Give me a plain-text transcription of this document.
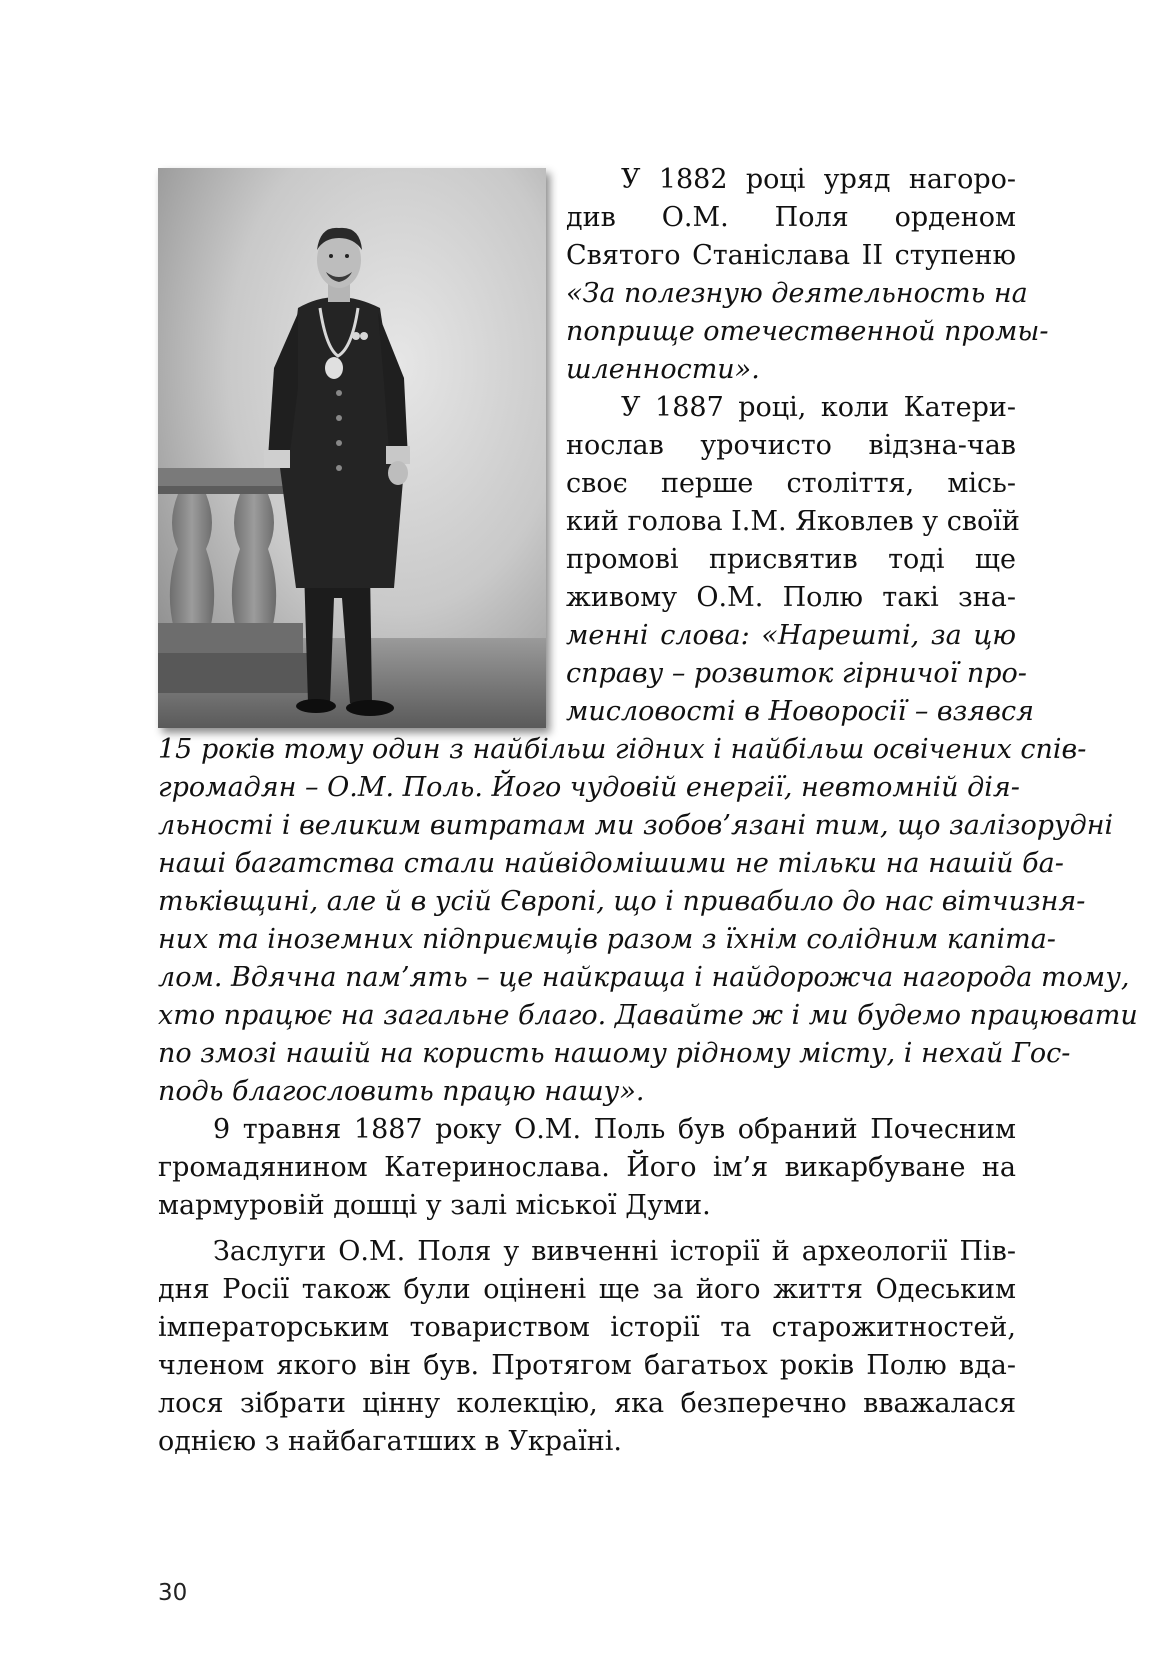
У 1882 році уряд нагоро-
див О.М. Поля орденом
Святого Станіслава ІІ ступеню
«За полезную деятельность на
поприще отечественной промы-
шленности».
У 1887 році, коли Катери-
нослав урочисто відзна-чав
своє перше століття, місь-
кий голова І.М. Яковлев у своїй
промові присвятив тоді ще
живому О.М. Полю такі зна-
менні слова: «Нарешті, за цю
справу – розвиток гірничої про-
мисловості в Новоросії – взявся
15 років тому один з найбільш гідних і найбільш освічених спів-
громадян – О.М. Поль. Його чудовій енергії, невтомній дія-
льності і великим витратам ми зобов’язані тим, що залізорудні
наші багатства стали найвідомішими не тільки на нашій ба-
тьківщині, але й в усій Європі, що і привабило до нас вітчизня-
них та іноземних підприємців разом з їхнім солідним капіта-
лом. Вдячна пам’ять – це найкраща і найдорожча нагорода тому,
хто працює на загальне благо. Давайте ж і ми будемо працювати
по змозі нашій на користь нашому рідному місту, і нехай Гос-
подь благословить працю нашу».
9 травня 1887 року О.М. Поль був обраний Почесним
громадянином Катеринослава. Його ім’я викарбуване на
мармуровій дошці у залі міської Думи.
Заслуги О.М. Поля у вивченні історії й археології Пів-
дня Росії також були оцінені ще за його життя Одеським
імператорським товариством історії та старожитностей,
членом якого він був. Протягом багатьох років Полю вда-
лося зібрати цінну колекцію, яка безперечно вважалася
однією з найбагатших в Україні.
30
